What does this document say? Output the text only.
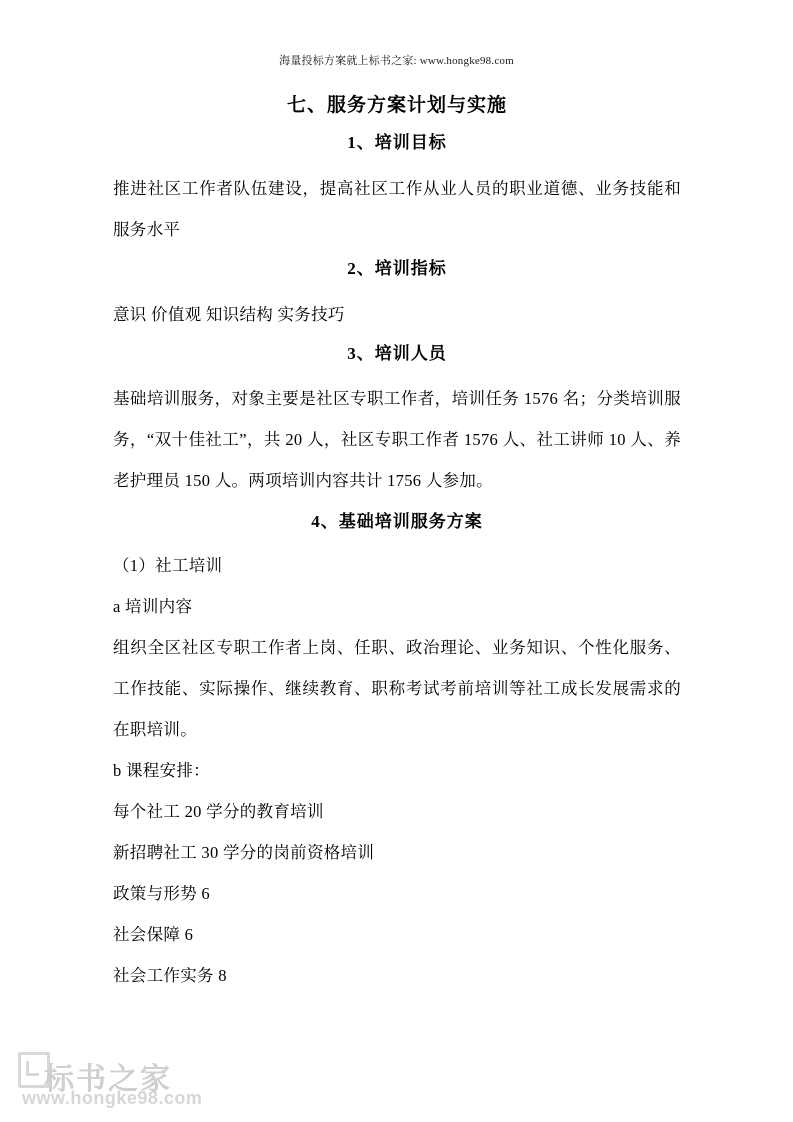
海量投标方案就上标书之家: www.hongke98.com
七、服务方案计划与实施
1、培训目标

推进社区工作者队伍建设，提高社区工作从业人员的职业道德、业务技能和服务水平

2、培训指标

意识 价值观 知识结构 实务技巧

3、培训人员

基础培训服务，对象主要是社区专职工作者，培训任务 1576 名；分类培训服务，“双十佳社工”，共 20 人，社区专职工作者 1576 人、社工讲师 10 人、养老护理员 150 人。两项培训内容共计 1756 人参加。

4、基础培训服务方案

（1）社工培训

a 培训内容

组织全区社区专职工作者上岗、任职、政治理论、业务知识、个性化服务、工作技能、实际操作、继续教育、职称考试考前培训等社工成长发展需求的在职培训。

b 课程安排：

每个社工 20 学分的教育培训

新招聘社工 30 学分的岗前资格培训

政策与形势 6

社会保障 6

社会工作实务 8

标书之家
www.hongke98.com
